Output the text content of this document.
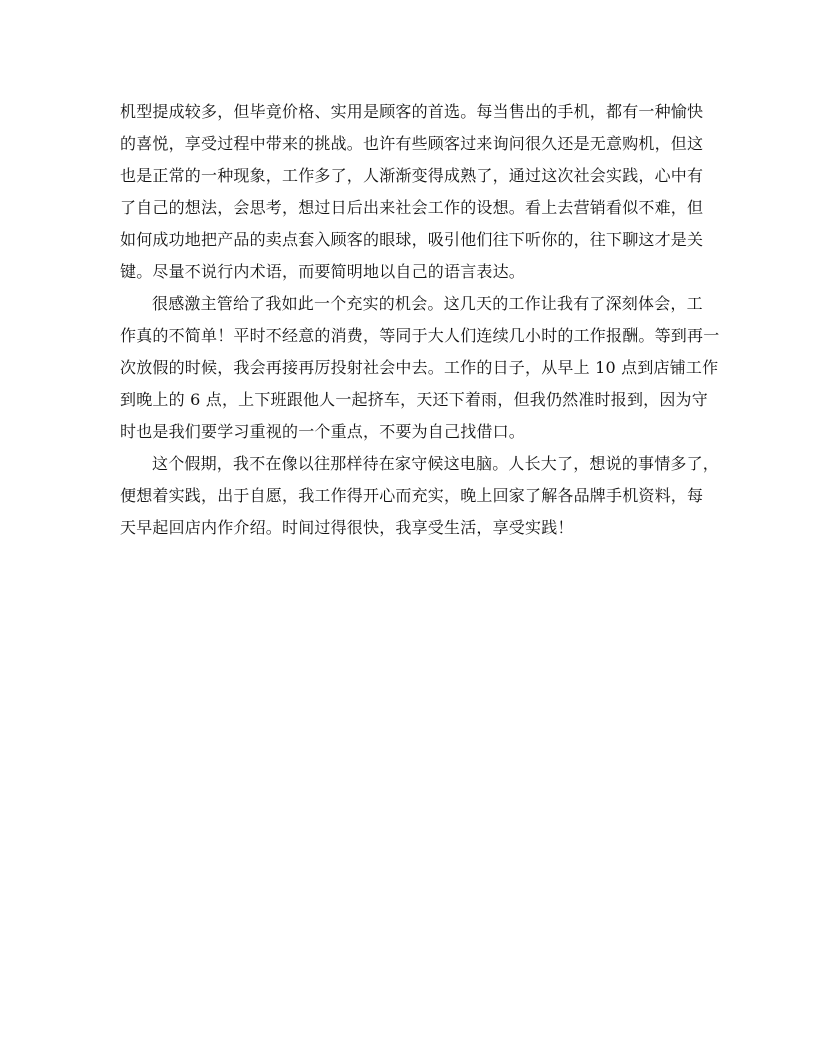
机型提成较多，但毕竟价格、实用是顾客的首选。每当售出的手机，都有一种愉快
的喜悦，享受过程中带来的挑战。也许有些顾客过来询问很久还是无意购机，但这
也是正常的一种现象，工作多了，人渐渐变得成熟了，通过这次社会实践，心中有
了自己的想法，会思考，想过日后出来社会工作的设想。看上去营销看似不难，但
如何成功地把产品的卖点套入顾客的眼球，吸引他们往下听你的，往下聊这才是关
键。尽量不说行内术语，而要简明地以自己的语言表达。
很感激主管给了我如此一个充实的机会。这几天的工作让我有了深刻体会，工
作真的不简单！平时不经意的消费，等同于大人们连续几小时的工作报酬。等到再一
次放假的时候，我会再接再厉投射社会中去。工作的日子，从早上 10 点到店铺工作
到晚上的 6 点，上下班跟他人一起挤车，天还下着雨，但我仍然准时报到，因为守
时也是我们要学习重视的一个重点，不要为自己找借口。
这个假期，我不在像以往那样待在家守候这电脑。人长大了，想说的事情多了，
便想着实践，出于自愿，我工作得开心而充实，晚上回家了解各品牌手机资料，每
天早起回店内作介绍。时间过得很快，我享受生活，享受实践！
